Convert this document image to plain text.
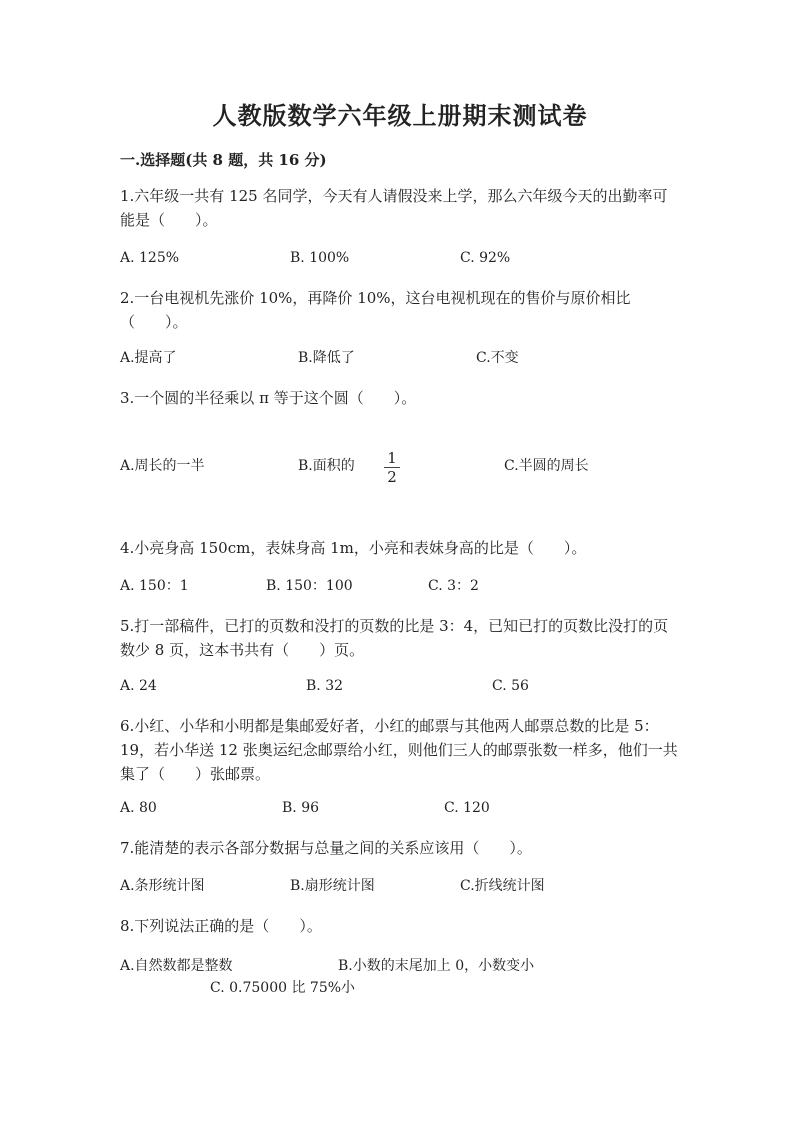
人教版数学六年级上册期末测试卷
一.选择题(共 8 题，共 16 分)
1.六年级一共有 125 名同学，今天有人请假没来上学，那么六年级今天的出勤率可能是（　　）。
A. 125%	B. 100%	C. 92%
2.一台电视机先涨价 10%，再降价 10%，这台电视机现在的售价与原价相比（　　）。
A.提高了	B.降低了	C.不变
3.一个圆的半径乘以 π 等于这个圆（　　）。
A.周长的一半	B.面积的 1
2
C.半圆的周长
4.小亮身高 150cm，表妹身高 1m，小亮和表妹身高的比是（　　）。
A. 150：1	B. 150：100	C. 3：2
5.打一部稿件，已打的页数和没打的页数的比是 3：4，已知已打的页数比没打的页数少 8 页，这本书共有（　　）页。
A. 24	B. 32	C. 56
6.小红、小华和小明都是集邮爱好者，小红的邮票与其他两人邮票总数的比是 5：19，若小华送 12 张奥运纪念邮票给小红，则他们三人的邮票张数一样多，他们一共集了（　　）张邮票。
A. 80	B. 96	C. 120
7.能清楚的表示各部分数据与总量之间的关系应该用（　　）。
A.条形统计图	B.扇形统计图	C.折线统计图
8.下列说法正确的是（　　）。
A.自然数都是整数	B.小数的末尾加上 0，小数变小
C. 0.75000 比 75%小
